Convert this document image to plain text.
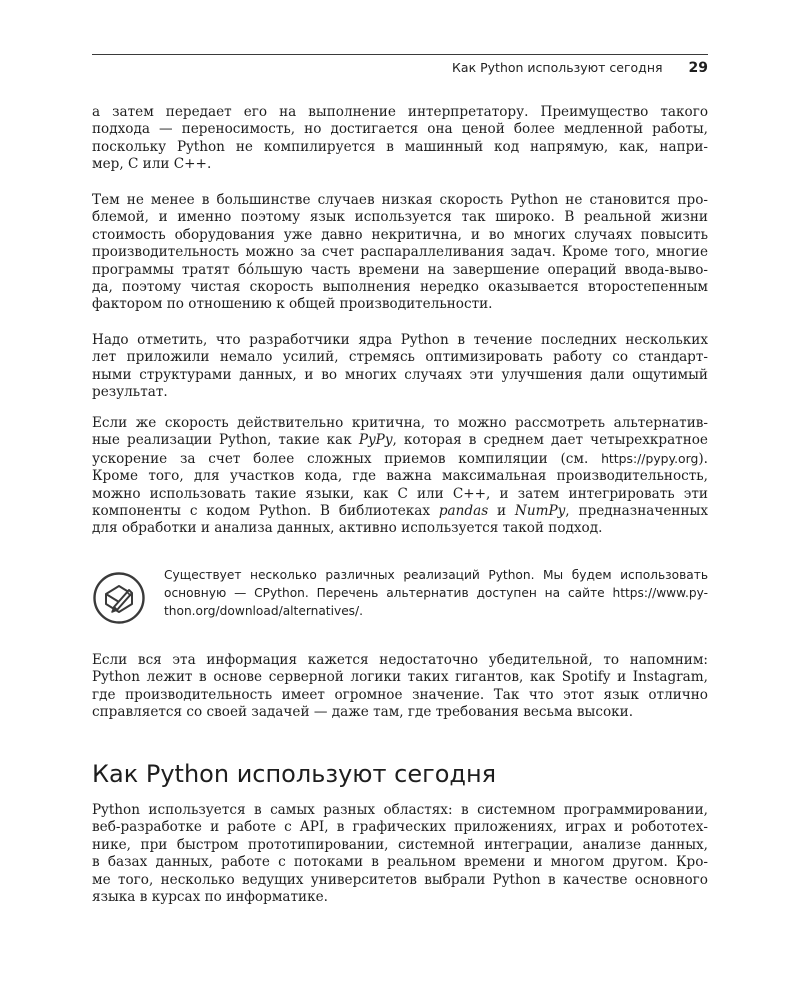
Как Python используют сегодня 29
а затем передает его на выполнение интерпретатору. Преимущество такого
подхода — переносимость, но достигается она ценой более медленной работы,
поскольку Python не компилируется в машинный код напрямую, как, напри-
мер, C или C++.
Тем не менее в большинстве случаев низкая скорость Python не становится про-
блемой, и именно поэтому язык используется так широко. В реальной жизни
стоимость оборудования уже давно некритична, и во многих случаях повысить
производительность можно за счет распараллеливания задач. Кроме того, многие
программы тратят бóльшую часть времени на завершение операций ввода-выво-
да, поэтому чистая скорость выполнения нередко оказывается второстепенным
фактором по отношению к общей производительности.
Надо отметить, что разработчики ядра Python в течение последних нескольких
лет приложили немало усилий, стремясь оптимизировать работу со стандарт-
ными структурами данных, и во многих случаях эти улучшения дали ощутимый
результат.
Если же скорость действительно критична, то можно рассмотреть альтернатив-
ные реализации Python, такие как PyPy, которая в среднем дает четырехкратное
ускорение за счет более сложных приемов компиляции (см. https://pypy.org).
Кроме того, для участков кода, где важна максимальная производительность,
можно использовать такие языки, как C или C++, и затем интегрировать эти
компоненты с кодом Python. В библиотеках pandas и NumPy, предназначенных
для обработки и анализа данных, активно используется такой подход.
Существует несколько различных реализаций Python. Мы будем использовать
основную — CPython. Перечень альтернатив доступен на сайте https://www.py-
thon.org/download/alternatives/.
Если вся эта информация кажется недостаточно убедительной, то напомним:
Python лежит в основе серверной логики таких гигантов, как Spotify и Instagram,
где производительность имеет огромное значение. Так что этот язык отлично
справляется со своей задачей — даже там, где требования весьма высоки.
Как Python используют сегодня
Python используется в самых разных областях: в системном программировании,
веб-разработке и работе с API, в графических приложениях, играх и робототех-
нике, при быстром прототипировании, системной интеграции, анализе данных,
в базах данных, работе с потоками в реальном времени и многом другом. Кро-
ме того, несколько ведущих университетов выбрали Python в качестве основного
языка в курсах по информатике.
